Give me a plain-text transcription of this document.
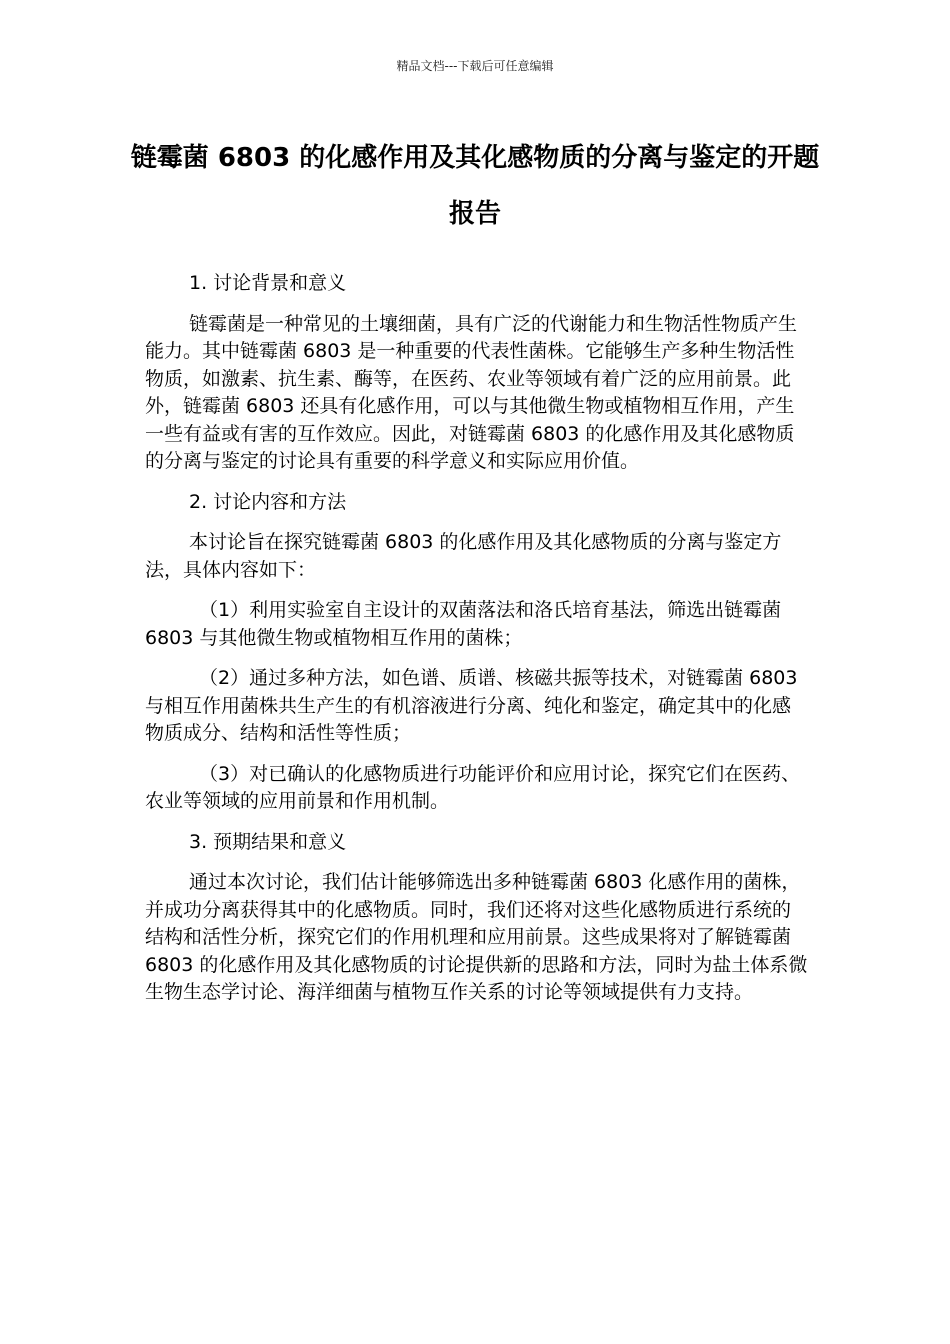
精品文档---下载后可任意编辑
链霉菌 6803 的化感作用及其化感物质的分离与鉴定的开题报告

1. 讨论背景和意义

链霉菌是一种常见的土壤细菌，具有广泛的代谢能力和生物活性物质产生能力。其中链霉菌 6803 是一种重要的代表性菌株。它能够生产多种生物活性物质，如激素、抗生素、酶等，在医药、农业等领域有着广泛的应用前景。此外，链霉菌 6803 还具有化感作用，可以与其他微生物或植物相互作用，产生一些有益或有害的互作效应。因此，对链霉菌 6803 的化感作用及其化感物质的分离与鉴定的讨论具有重要的科学意义和实际应用价值。

2. 讨论内容和方法

本讨论旨在探究链霉菌 6803 的化感作用及其化感物质的分离与鉴定方法，具体内容如下：

（1）利用实验室自主设计的双菌落法和洛氏培育基法，筛选出链霉菌 6803 与其他微生物或植物相互作用的菌株；

（2）通过多种方法，如色谱、质谱、核磁共振等技术，对链霉菌 6803 与相互作用菌株共生产生的有机溶液进行分离、纯化和鉴定，确定其中的化感物质成分、结构和活性等性质；

（3）对已确认的化感物质进行功能评价和应用讨论，探究它们在医药、农业等领域的应用前景和作用机制。

3. 预期结果和意义

通过本次讨论，我们估计能够筛选出多种链霉菌 6803 化感作用的菌株，并成功分离获得其中的化感物质。同时，我们还将对这些化感物质进行系统的结构和活性分析，探究它们的作用机理和应用前景。这些成果将对了解链霉菌 6803 的化感作用及其化感物质的讨论提供新的思路和方法，同时为盐土体系微生物生态学讨论、海洋细菌与植物互作关系的讨论等领域提供有力支持。
